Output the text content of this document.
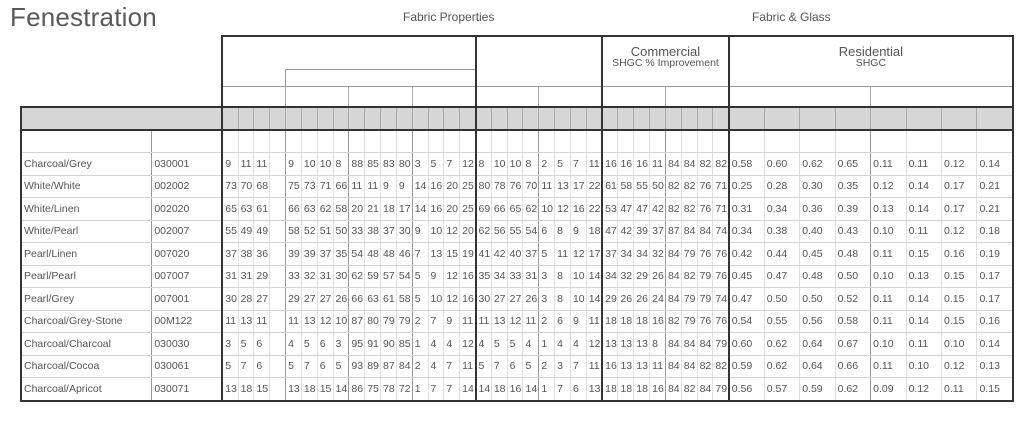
Fenestration	Fabric Properties	Fabric & Glass
																										Commercial
SHGC % Improvement								Residential
SHGC							

Charcoal/Grey	030001	9	11	11		9	10	10	8	88	85	83	80	3	5	7	12	8	10	10	8	2	5	7	11	16	16	16	11	84	84	82	82	0.58	0.60	0.62	0.65	0.11	0.11	0.12	0.14
White/White	002002	73	70	68		75	73	71	66	11	11	9	9	14	16	20	25	80	78	76	70	11	13	17	22	61	58	55	50	82	82	76	71	0.25	0.28	0.30	0.35	0.12	0.14	0.17	0.21
White/Linen	002020	65	63	61		66	63	62	58	20	21	18	17	14	16	20	25	69	66	65	62	10	12	16	22	53	47	47	42	82	82	76	71	0.31	0.34	0.36	0.39	0.13	0.14	0.17	0.21
White/Pearl	002007	55	49	49		58	52	51	50	33	38	37	30	9	10	12	20	62	56	55	54	6	8	9	18	47	42	39	37	87	84	84	74	0.34	0.38	0.40	0.43	0.10	0.11	0.12	0.18
Pearl/Linen	007020	37	38	36		39	39	37	35	54	48	48	46	7	13	15	19	41	42	40	37	5	11	12	17	37	34	34	32	84	79	76	76	0.42	0.44	0.45	0.48	0.11	0.15	0.16	0.19
Pearl/Pearl	007007	31	31	29		33	32	31	30	62	59	57	54	5	9	12	16	35	34	33	31	3	8	10	14	34	32	29	26	84	82	79	76	0.45	0.47	0.48	0.50	0.10	0.13	0.15	0.17
Pearl/Grey	007001	30	28	27		29	27	27	26	66	63	61	58	5	10	12	16	30	27	27	26	3	8	10	14	29	26	26	24	84	79	79	74	0.47	0.50	0.50	0.52	0.11	0.14	0.15	0.17
Charcoal/Grey-Stone	00M122	11	13	11		11	13	12	10	87	80	79	79	2	7	9	11	11	13	12	11	2	6	9	11	18	18	18	16	82	79	76	76	0.54	0.55	0.56	0.58	0.11	0.14	0.15	0.16
Charcoal/Charcoal	030030	3	5	6		4	5	6	3	95	91	90	85	1	4	4	12	4	5	5	4	1	4	4	12	13	13	13	8	84	84	84	79	0.60	0.62	0.64	0.67	0.10	0.11	0.10	0.14
Charcoal/Cocoa	030061	5	7	6		5	7	6	5	93	89	87	84	2	4	7	11	5	7	6	5	2	3	7	11	16	13	13	11	84	84	82	82	0.59	0.62	0.64	0.66	0.11	0.10	0.12	0.13
Charcoal/Apricot	030071	13	18	15		13	18	15	14	86	75	78	72	1	7	7	14	14	18	16	14	1	7	6	13	18	18	18	16	84	82	84	79	0.56	0.57	0.59	0.62	0.09	0.12	0.11	0.15
